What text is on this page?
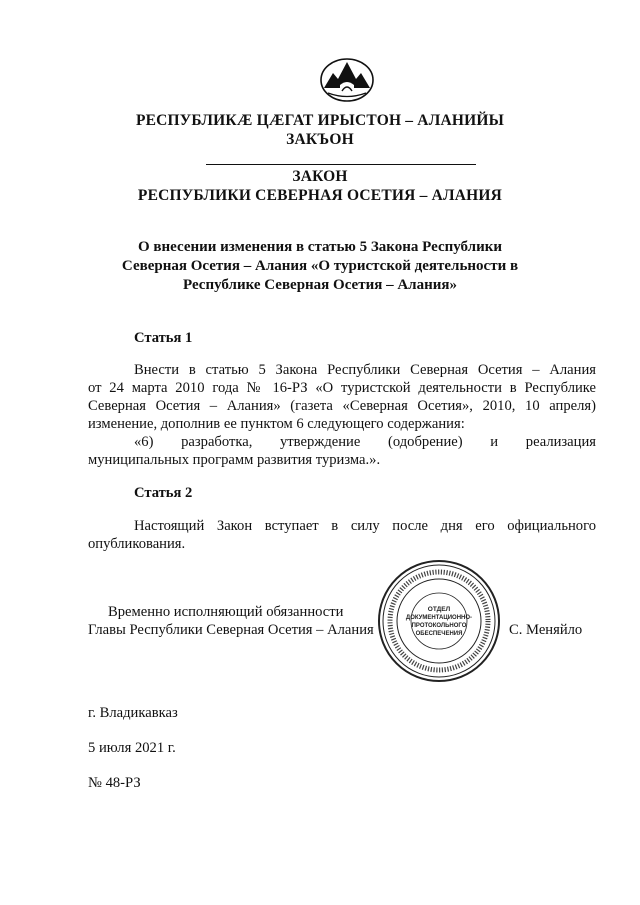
РЕСПУБЛИКÆ ЦÆГАТ ИРЫСТОН – АЛАНИЙЫ
ЗАКЪОН
ЗАКОН
РЕСПУБЛИКИ СЕВЕРНАЯ ОСЕТИЯ – АЛАНИЯ
О внесении изменения в статью 5 Закона Республики
Северная Осетия – Алания «О туристской деятельности в
Республике Северная Осетия – Алания»
Статья 1
Внести в статью 5 Закона Республики Северная Осетия – Алания
от 24 марта 2010 года № 16-РЗ «О туристской деятельности в Республике
Северная Осетия – Алания» (газета «Северная Осетия», 2010, 10 апреля)
изменение, дополнив ее пунктом 6 следующего содержания:
«6) разработка, утверждение (одобрение) и реализация
муниципальных программ развития туризма.».
Статья 2
Настоящий Закон вступает в силу после дня его официального
опубликования.
Временно исполняющий обязанности
Главы Республики Северная Осетия – Алания	С. Меняйло
ОТДЕЛ
ДОКУМЕНТАЦИОННО-
ПРОТОКОЛЬНОГО
ОБЕСПЕЧЕНИЯ
г. Владикавказ
5 июля 2021 г.
№ 48-РЗ
